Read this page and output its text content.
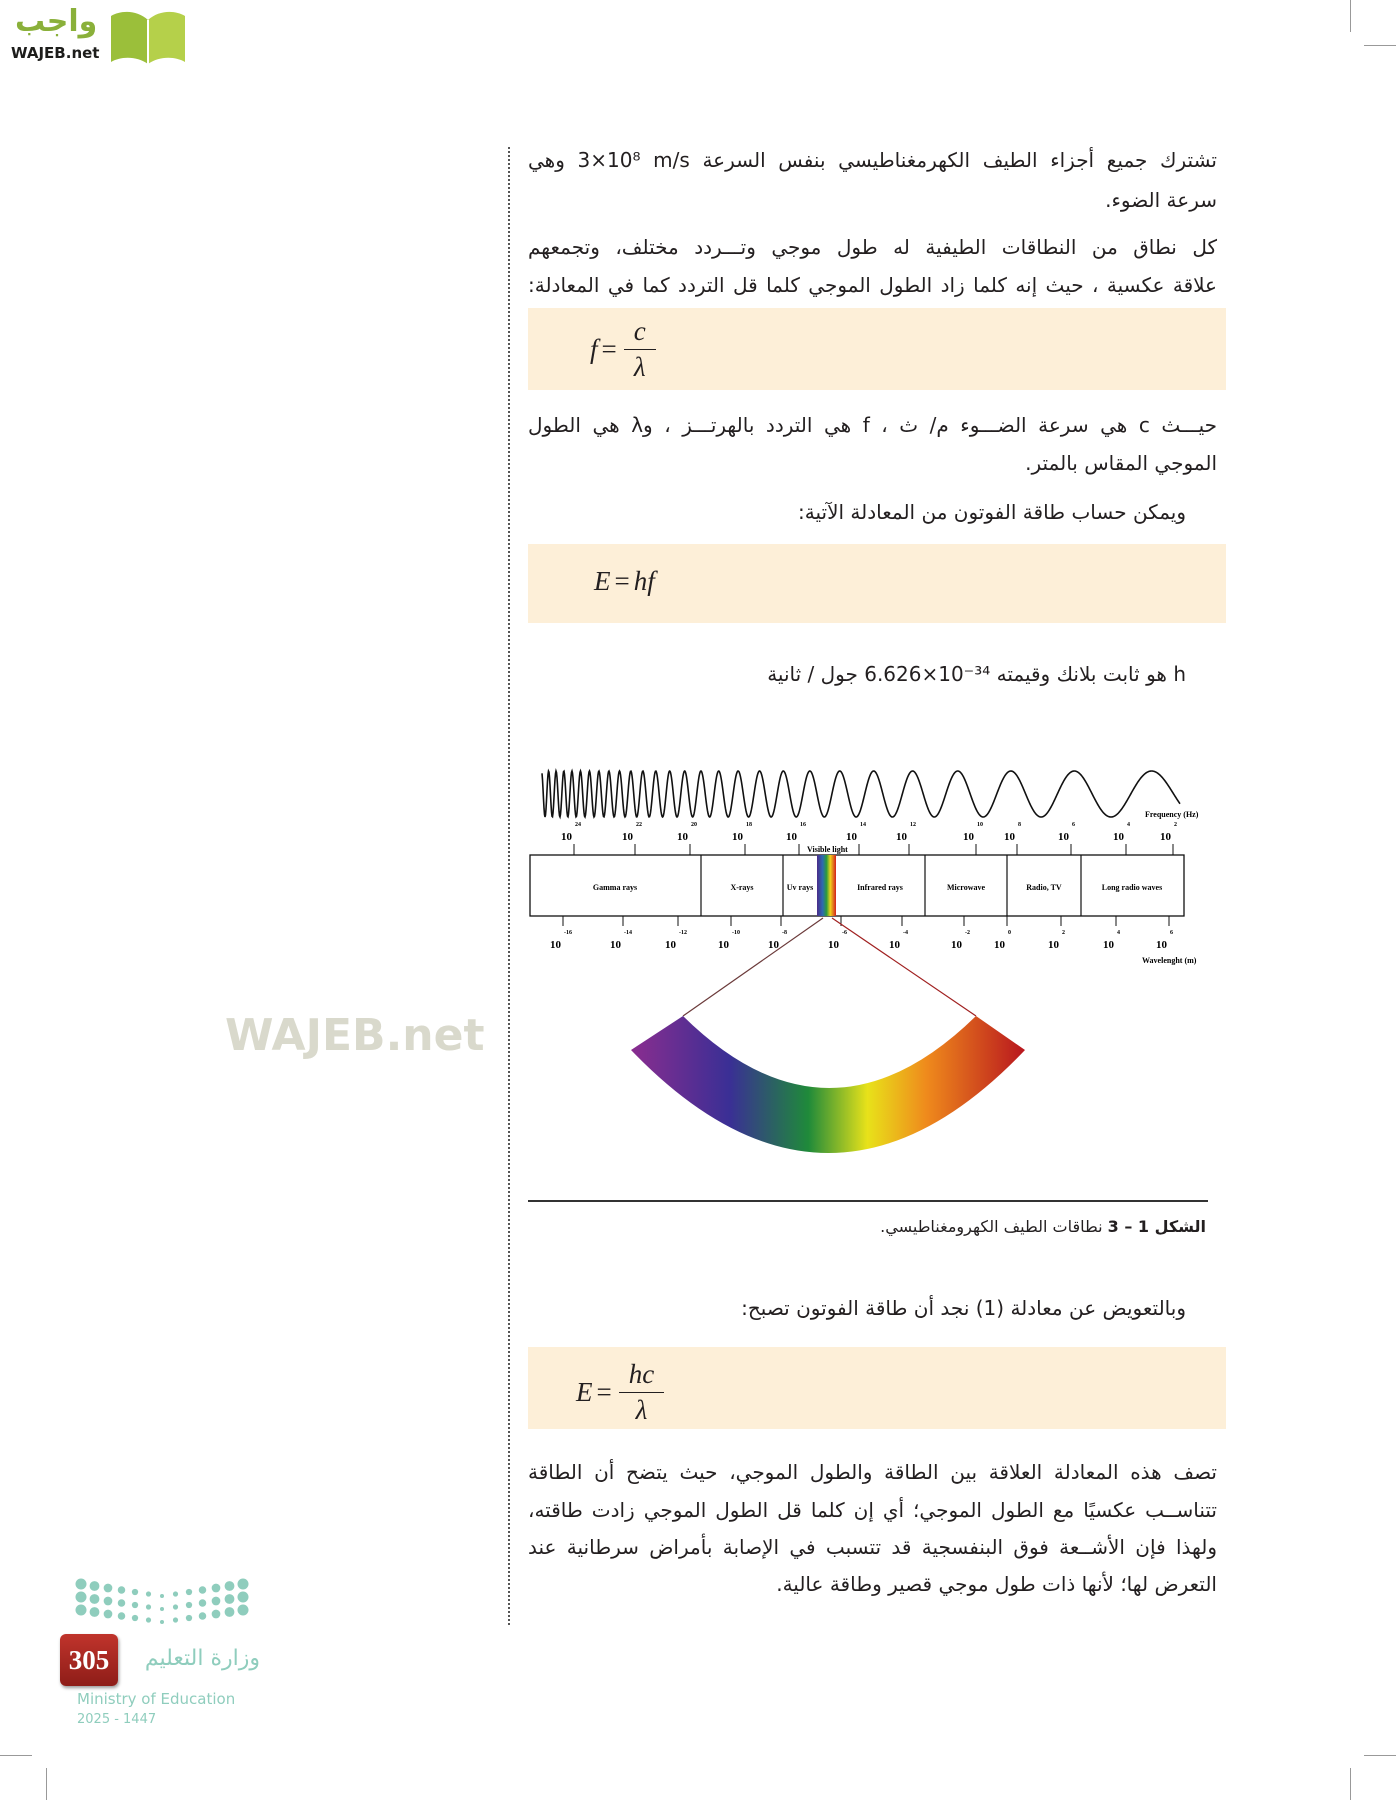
واجب
WAJEB.net
تشترك جميع أجزاء الطيف الكهرمغناطيسي بنفس السرعة ‎3×10⁸ m/s‎ وهي
سرعة الضوء.
كل نطاق من النطاقات الطيفية له طول موجي وتـــردد مختلف، وتجمعهم
علاقة عكسية ، حيث إنه كلما زاد الطول الموجي كلما قل التردد كما في المعادلة:
$f = \frac{c}{\lambda}$
حيـــث c هي سرعة الضـــوء م/ ث ، f هي التردد بالهرتـــز ، وλ هي الطول
الموجي المقاس بالمتر.
ويمكن حساب طاقة الفوتون من المعادلة الآتية:
E = hf
h هو ثابت بلانك وقيمته ‎6.626×10⁻³⁴‎ جول / ثانية
WAJEB.net
Frequency (Hz)
Visible light
Gamma rays	X-rays	Uv rays	Infrared rays	Microwave	Radio, TV	Long radio waves
10
24
10
22
10
20
10
18
10
16
10
14
10
12
10
10
10
8
10
6
10
4
10
2
10
-16
10
-14
10
-12
10
-10
10
-8
10
-6
10
-4
10
-2
10
0
10
2
10
4
10
6
Wavelenght (m)
الشكل 1 – 3 نطاقات الطيف الكهرومغناطيسي.
وبالتعويض عن معادلة (1) نجد أن طاقة الفوتون تصبح:
$E = \frac{hc}{\lambda}$
تصف هذه المعادلة العلاقة بين الطاقة والطول الموجي، حيث يتضح أن الطاقة
تتناســب عكسيًا مع الطول الموجي؛ أي إن كلما قل الطول الموجي زادت طاقته،
ولهذا فإن الأشــعة فوق البنفسجية قد تتسبب في الإصابة بأمراض سرطانية عند
التعرض لها؛ لأنها ذات طول موجي قصير وطاقة عالية.
305	وزارة التعليم
Ministry of Education
2025 - 1447
